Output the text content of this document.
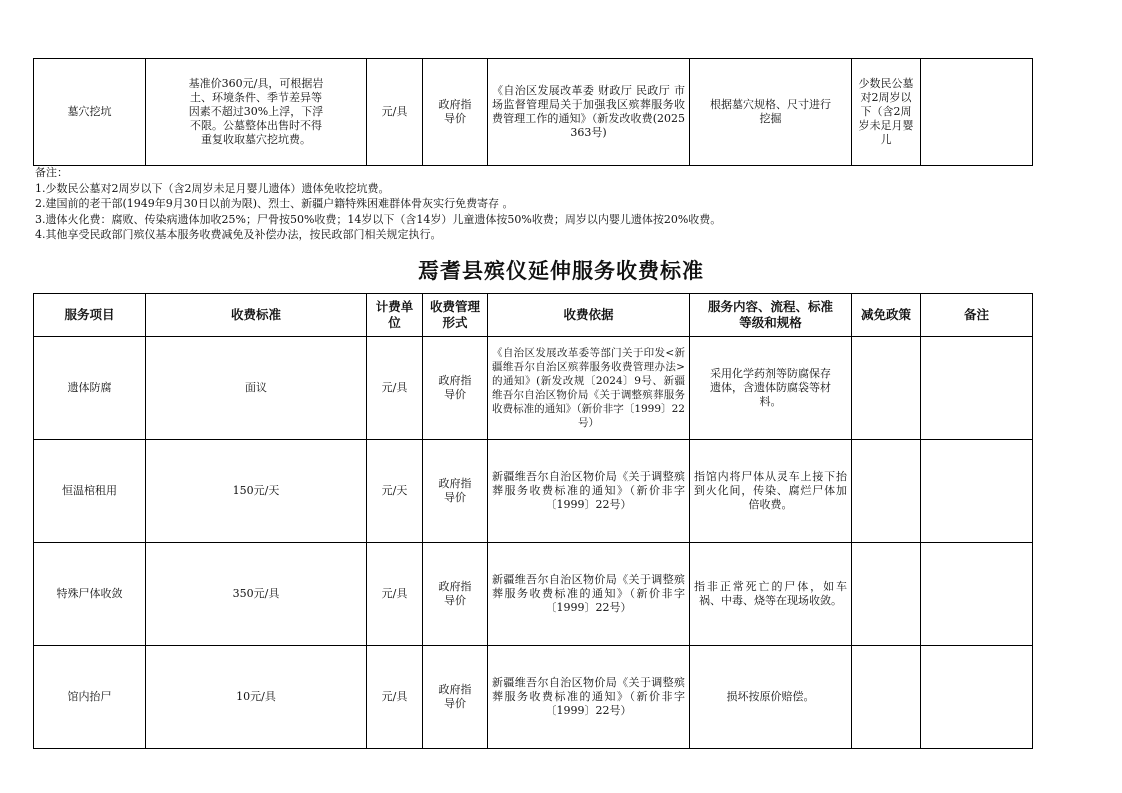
墓穴挖坑	基准价360元/具，可根据岩土、环境条件、季节差异等因素不超过30%上浮，下浮不限。公墓整体出售时不得重复收取墓穴挖坑费。	元/具	政府指导价	《自治区发展改革委 财政厅 民政厅 市场监督管理局关于加强我区殡葬服务收费管理工作的通知》（新发改收费(2025 363号)	根据墓穴规格、尺寸进行挖掘	少数民公墓对2周岁以下（含2周岁未足月婴儿	
备注：
1.少数民公墓对2周岁以下（含2周岁未足月婴儿遗体）遗体免收挖坑费。
2.建国前的老干部(1949年9月30日以前为限)、烈士、新疆户籍特殊困难群体骨灰实行免费寄存 。
3.遗体火化费：腐败、传染病遗体加收25%；尸骨按50%收费；14岁以下（含14岁）儿童遗体按50%收费；周岁以内婴儿遗体按20%收费。
4.其他享受民政部门殡仪基本服务收费减免及补偿办法，按民政部门相关规定执行。
焉耆县殡仪延伸服务收费标准
服务项目	收费标准	计费单位	收费管理形式	收费依据	服务内容、流程、标准等级和规格	减免政策	备注
遗体防腐	面议	元/具	政府指导价	《自治区发展改革委等部门关于印发<新疆维吾尔自治区殡葬服务收费管理办法>的通知》(新发改规〔2024〕9号、新疆维吾尔自治区物价局《关于调整殡葬服务收费标准的通知》（新价非字〔1999〕22号）	采用化学药剂等防腐保存遗体，含遗体防腐袋等材料。		
恒温棺租用	150元/天	元/天	政府指导价	新疆维吾尔自治区物价局《关于调整殡葬服务收费标准的通知》（新价非字〔1999〕22号）	指馆内将尸体从灵车上接下抬到火化间，传染、腐烂尸体加倍收费。		
特殊尸体收敛	350元/具	元/具	政府指导价	新疆维吾尔自治区物价局《关于调整殡葬服务收费标准的通知》（新价非字〔1999〕22号）	指非正常死亡的尸体，如车祸、中毒、烧等在现场收敛。		
馆内抬尸	10元/具	元/具	政府指导价	新疆维吾尔自治区物价局《关于调整殡葬服务收费标准的通知》（新价非字〔1999〕22号）	损坏按原价赔偿。		
